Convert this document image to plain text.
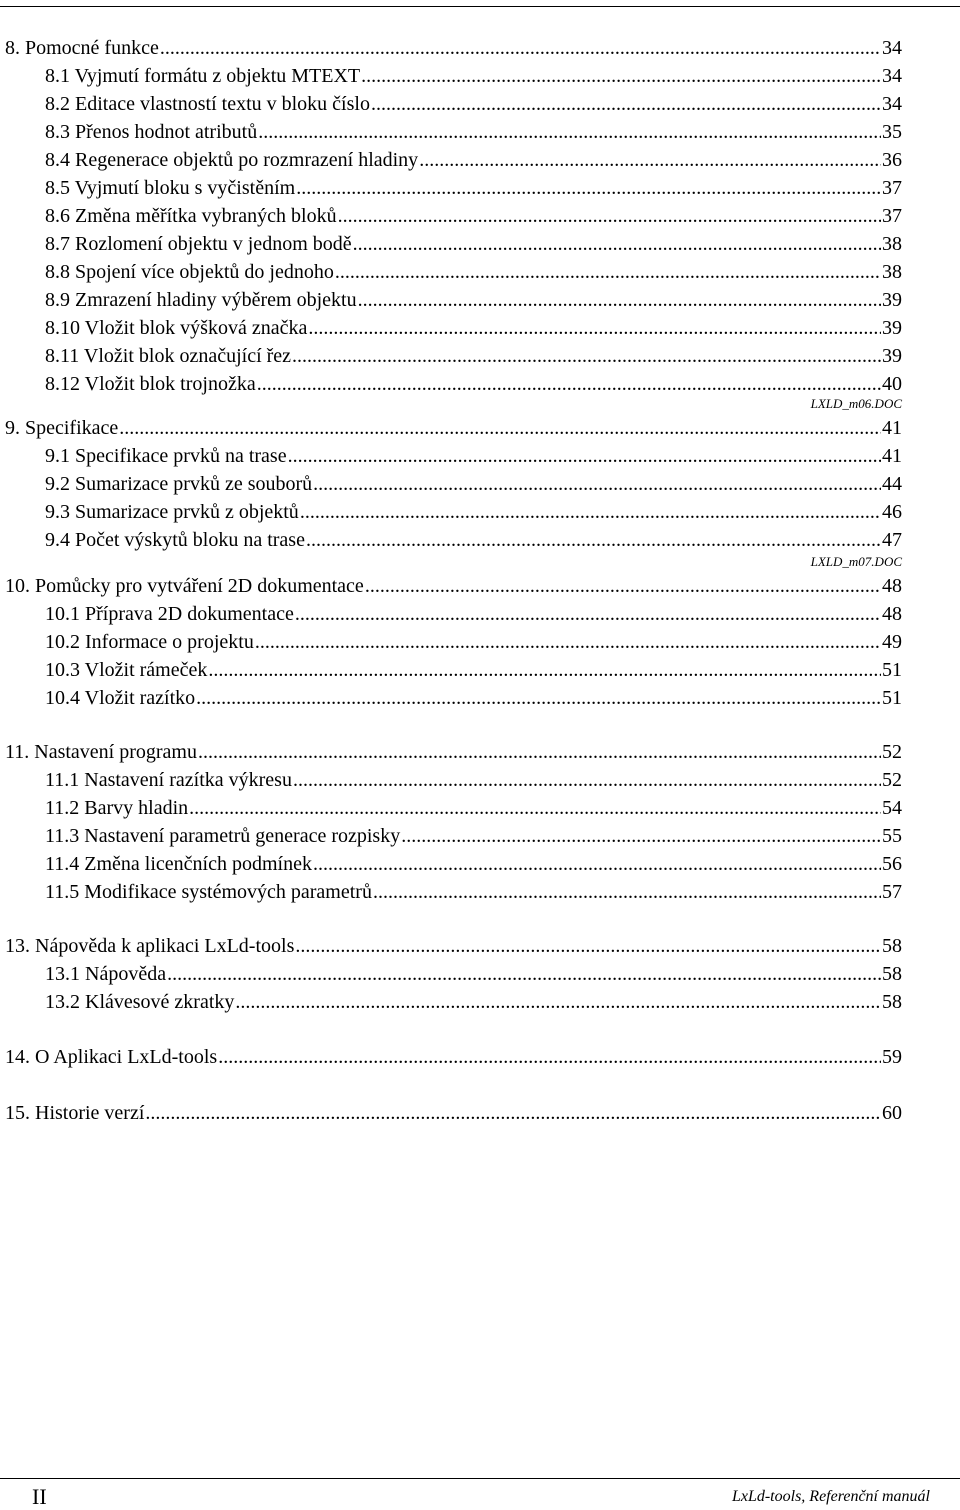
LXLD_m06.DOC
LXLD_m07.DOC
8. Pomocné funkce .....	34
8.1 Vyjmutí formátu z objektu MTEXT .....	34
8.2 Editace vlastností textu v bloku číslo .....	34
8.3 Přenos hodnot atributů .....	35
8.4 Regenerace objektů po rozmrazení hladiny .....	36
8.5 Vyjmutí bloku s vyčistěním .....	37
8.6 Změna měřítka vybraných bloků .....	37
8.7 Rozlomení objektu v jednom bodě .....	38
8.8 Spojení více objektů do jednoho .....	38
8.9 Zmrazení hladiny výběrem objektu .....	39
8.10 Vložit blok výšková značka .....	39
8.11 Vložit blok označující řez .....	39
8.12 Vložit blok trojnožka .....	40
9. Specifikace .....	41
9.1 Specifikace prvků na trase .....	41
9.2 Sumarizace prvků ze souborů .....	44
9.3 Sumarizace prvků z objektů .....	46
9.4 Počet výskytů bloku na trase .....	47
10. Pomůcky pro vytváření 2D dokumentace .....	48
10.1 Příprava 2D dokumentace .....	48
10.2 Informace o projektu .....	49
10.3 Vložit rámeček .....	51
10.4 Vložit razítko .....	51
11. Nastavení programu .....	52
11.1 Nastavení razítka výkresu .....	52
11.2 Barvy hladin .....	54
11.3 Nastavení parametrů generace rozpisky .....	55
11.4 Změna licenčních podmínek .....	56
11.5 Modifikace systémových parametrů .....	57
13. Nápověda k aplikaci LxLd-tools .....	58
13.1 Nápověda .....	58
13.2 Klávesové zkratky .....	58
14. O Aplikaci LxLd-tools .....	59
15. Historie verzí .....	60
II	LxLd-tools, Referenční manuál
